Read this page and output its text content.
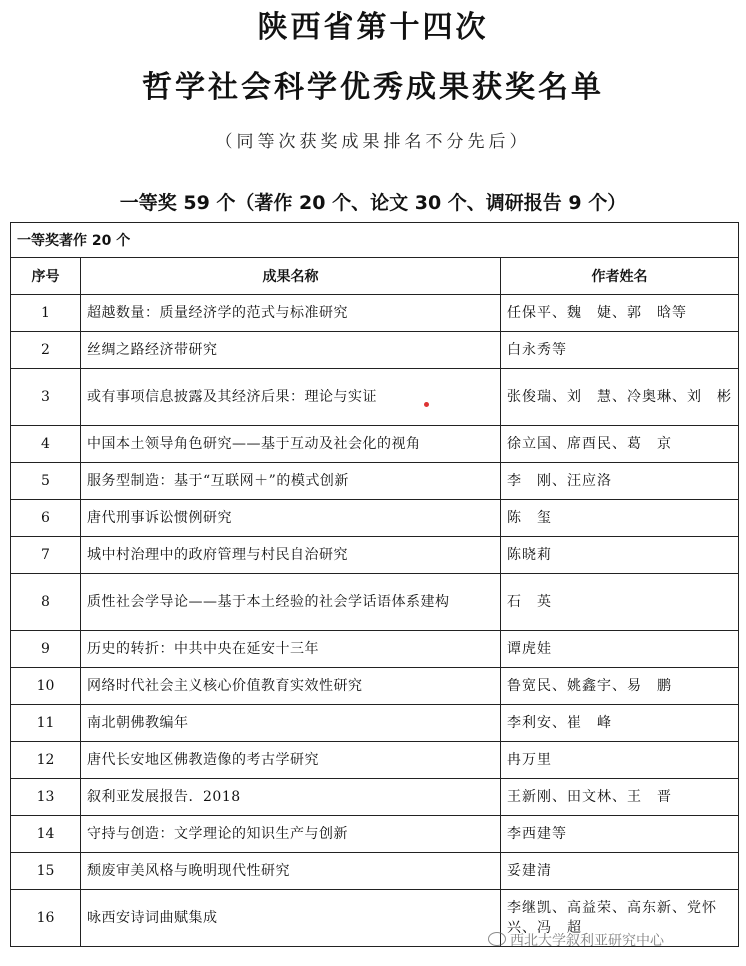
陕西省第十四次
哲学社会科学优秀成果获奖名单
（同等次获奖成果排名不分先后）
一等奖 59 个（著作 20 个、论文 30 个、调研报告 9 个）
一等奖著作 20 个		
序号	成果名称	作者姓名
1	超越数量：质量经济学的范式与标准研究	任保平、魏　婕、郭　晗等
2	丝绸之路经济带研究	白永秀等
3	或有事项信息披露及其经济后果：理论与实证	张俊瑞、刘　慧、冷奥琳、刘　彬
4	中国本土领导角色研究——基于互动及社会化的视角	徐立国、席酉民、葛　京
5	服务型制造：基于“互联网＋”的模式创新	李　刚、汪应洛
6	唐代刑事诉讼惯例研究	陈　玺
7	城中村治理中的政府管理与村民自治研究	陈晓莉
8	质性社会学导论——基于本土经验的社会学话语体系建构	石　英
9	历史的转折：中共中央在延安十三年	谭虎娃
10	网络时代社会主义核心价值教育实效性研究	鲁宽民、姚鑫宇、易　鹏
11	南北朝佛教编年	李利安、崔　峰
12	唐代长安地区佛教造像的考古学研究	冉万里
13	叙利亚发展报告．2018	王新刚、田文林、王　晋
14	守持与创造：文学理论的知识生产与创新	李西建等
15	颓废审美风格与晚明现代性研究	妥建清
16	咏西安诗词曲赋集成	李继凯、高益荣、高东新、党怀兴、冯　超
西北大学叙利亚研究中心
